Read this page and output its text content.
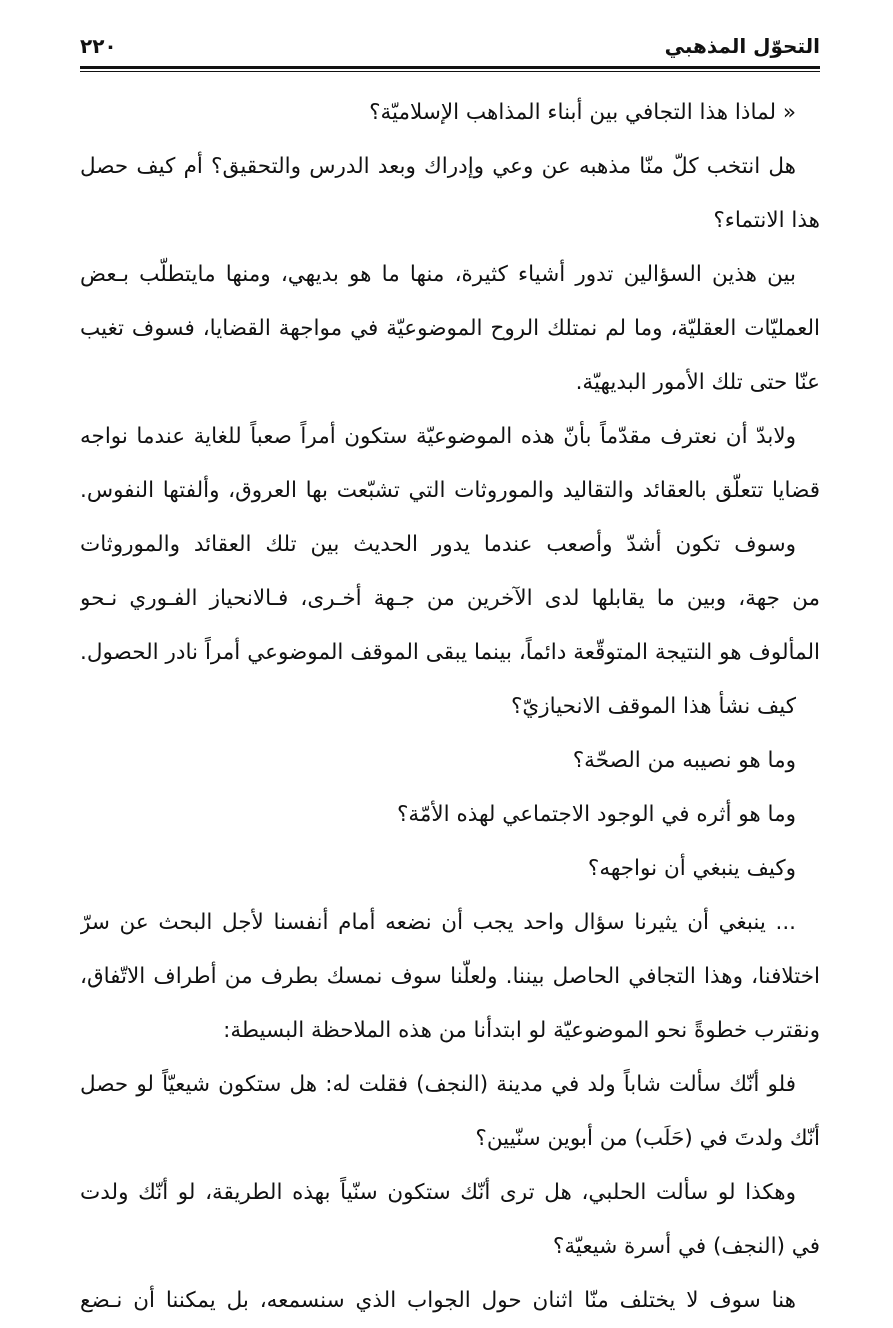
التحوّل المذهبي
٢٢٠
« لماذا هذا التجافي بين أبناء المذاهب الإسلاميّة؟
هل انتخب كلّ منّا مذهبه عن وعي وإدراك وبعد الدرس والتحقيق؟ أم كيف حصل
هذا الانتماء؟
بين هذين السؤالين تدور أشياء كثيرة، منها ما هو بديهي، ومنها مايتطلّب بـعض
العمليّات العقليّة، وما لم نمتلك الروح الموضوعيّة في مواجهة القضايا، فسوف تغيب
عنّا حتى تلك الأمور البديهيّة.
ولابدّ أن نعترف مقدّماً بأنّ هذه الموضوعيّة ستكون أمراً صعباً للغاية عندما نواجه
قضايا تتعلّق بالعقائد والتقاليد والموروثات التي تشبّعت بها العروق، وألفتها النفوس.
وسوف تكون أشدّ وأصعب عندما يدور الحديث بين تلك العقائد والموروثات
من جهة، وبين ما يقابلها لدى الآخرين من جـهة أخـرى، فـالانحياز الفـوري نـحو
المألوف هو النتيجة المتوقّعة دائماً، بينما يبقى الموقف الموضوعي أمراً نادر الحصول.
كيف نشأ هذا الموقف الانحيازيّ؟
وما هو نصيبه من الصحّة؟
وما هو أثره في الوجود الاجتماعي لهذه الأمّة؟
وكيف ينبغي أن نواجهه؟
... ينبغي أن يثيرنا سؤال واحد يجب أن نضعه أمام أنفسنا لأجل البحث عن سرّ
اختلافنا، وهذا التجافي الحاصل بيننا. ولعلّنا سوف نمسك بطرف من أطراف الاتّفاق،
ونقترب خطوةً نحو الموضوعيّة لو ابتدأنا من هذه الملاحظة البسيطة:
فلو أنّك سألت شاباً ولد في مدينة (النجف) فقلت له: هل ستكون شيعيّاً لو حصل
أنّك ولدتَ في (حَلَب) من أبوين سنّيين؟
وهكذا لو سألت الحلبي، هل ترى أنّك ستكون سنّياً بهذه الطريقة، لو أنّك ولدت
في (النجف) في أسرة شيعيّة؟
هنا سوف لا يختلف منّا اثنان حول الجواب الذي سنسمعه، بل يمكننا أن نـضع
